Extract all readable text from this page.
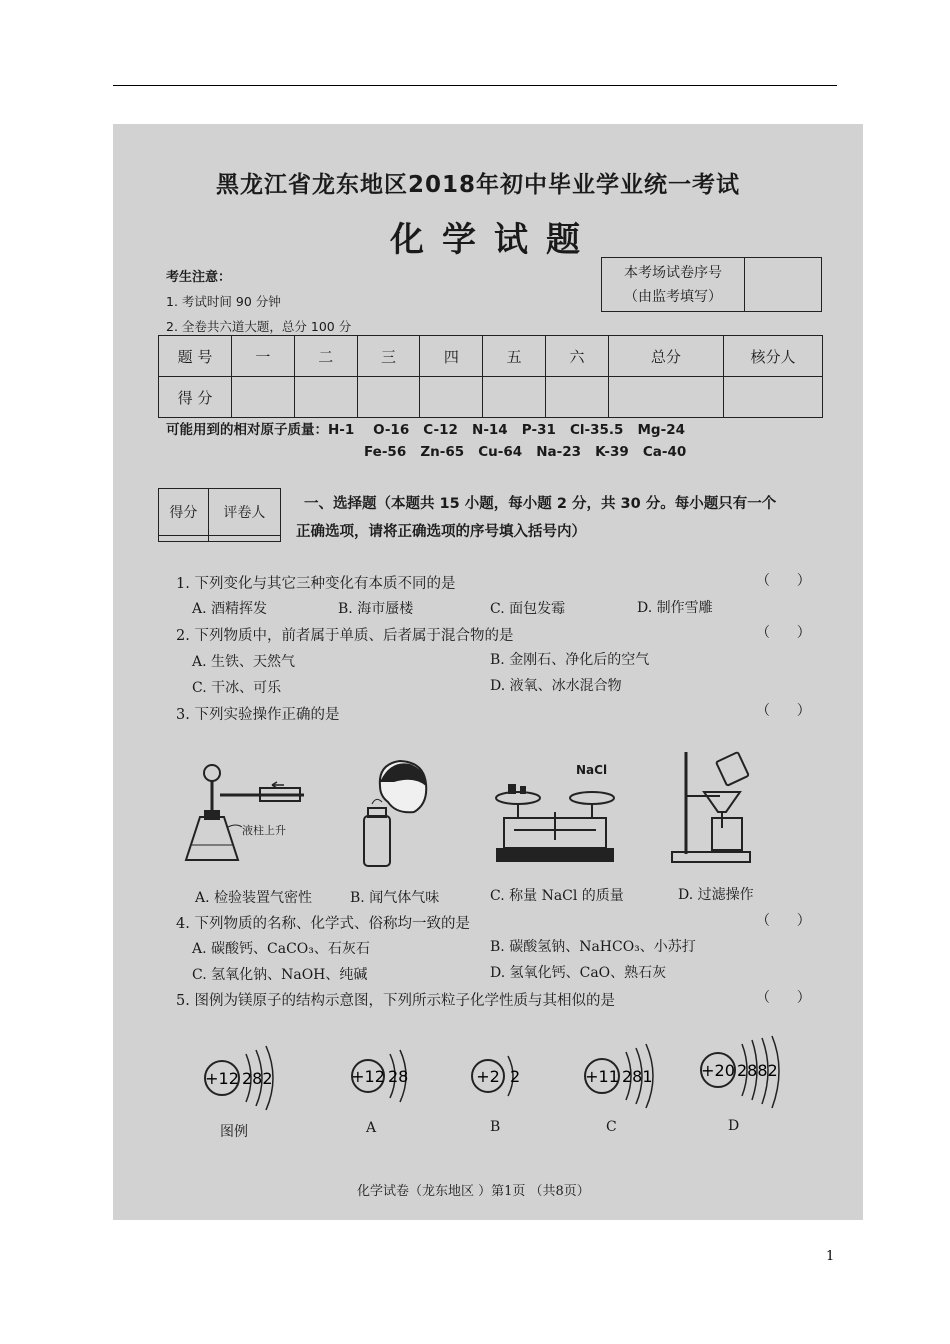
黑龙江省龙东地区2018年初中毕业学业统一考试
化学试题
考生注意：
1. 考试时间 90 分钟
2. 全卷共六道大题，总分 100 分
本考场试卷序号
（由监考填写）

题 号	一	二	三	四	五	六	总分	核分人
得 分								
可能用到的相对原子质量：H-1    O-16   C-12   N-14   P-31   Cl-35.5   Mg-24
Fe-56   Zn-65   Cu-64   Na-23   K-39   Ca-40
得分	评卷人

一、选择题（本题共 15 小题，每小题 2 分，共 30 分。每小题只有一个
正确选项，请将正确选项的序号填入括号内）
1. 下列变化与其它三种变化有本质不同的是	（      ）
A. 酒精挥发	B. 海市蜃楼	C. 面包发霉	D. 制作雪雕
2. 下列物质中，前者属于单质、后者属于混合物的是	（      ）
A. 生铁、天然气	B. 金刚石、净化后的空气
C. 干冰、可乐	D. 液氧、冰水混合物
3. 下列实验操作正确的是	（      ）
液柱上升
NaCl
A. 检验装置气密性	B. 闻气体气味	C. 称量 NaCl 的质量	D. 过滤操作
4. 下列物质的名称、化学式、俗称均一致的是	（      ）
A. 碳酸钙、CaCO₃、石灰石	B. 碳酸氢钠、NaHCO₃、小苏打
C. 氢氧化钠、NaOH、纯碱	D. 氢氧化钙、CaO、熟石灰
5. 图例为镁原子的结构示意图，下列所示粒子化学性质与其相似的是	（      ）
+12 282	+12 28	+2 2	+11 281	+20 2882
图例	A	B	C	D
化学试卷（龙东地区 ）第1页 （共8页）
1
